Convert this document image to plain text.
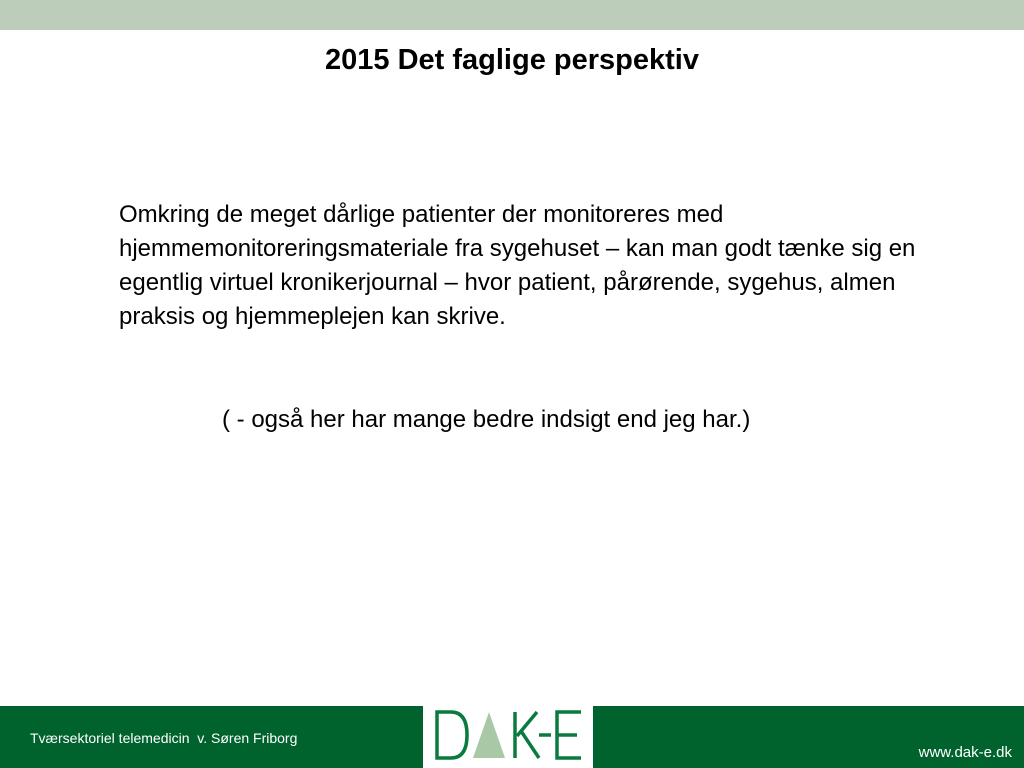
2015 Det faglige perspektiv

Omkring de meget dårlige patienter der monitoreres med hjemmemonitoreringsmateriale fra sygehuset – kan man godt tænke sig en egentlig virtuel kronikerjournal – hvor patient, pårørende, sygehus, almen praksis og hjemmeplejen kan skrive.

( - også her har mange bedre indsigt end jeg har.)

Tværsektoriel telemedicin  v. Søren Friborg
www.dak-e.dk
